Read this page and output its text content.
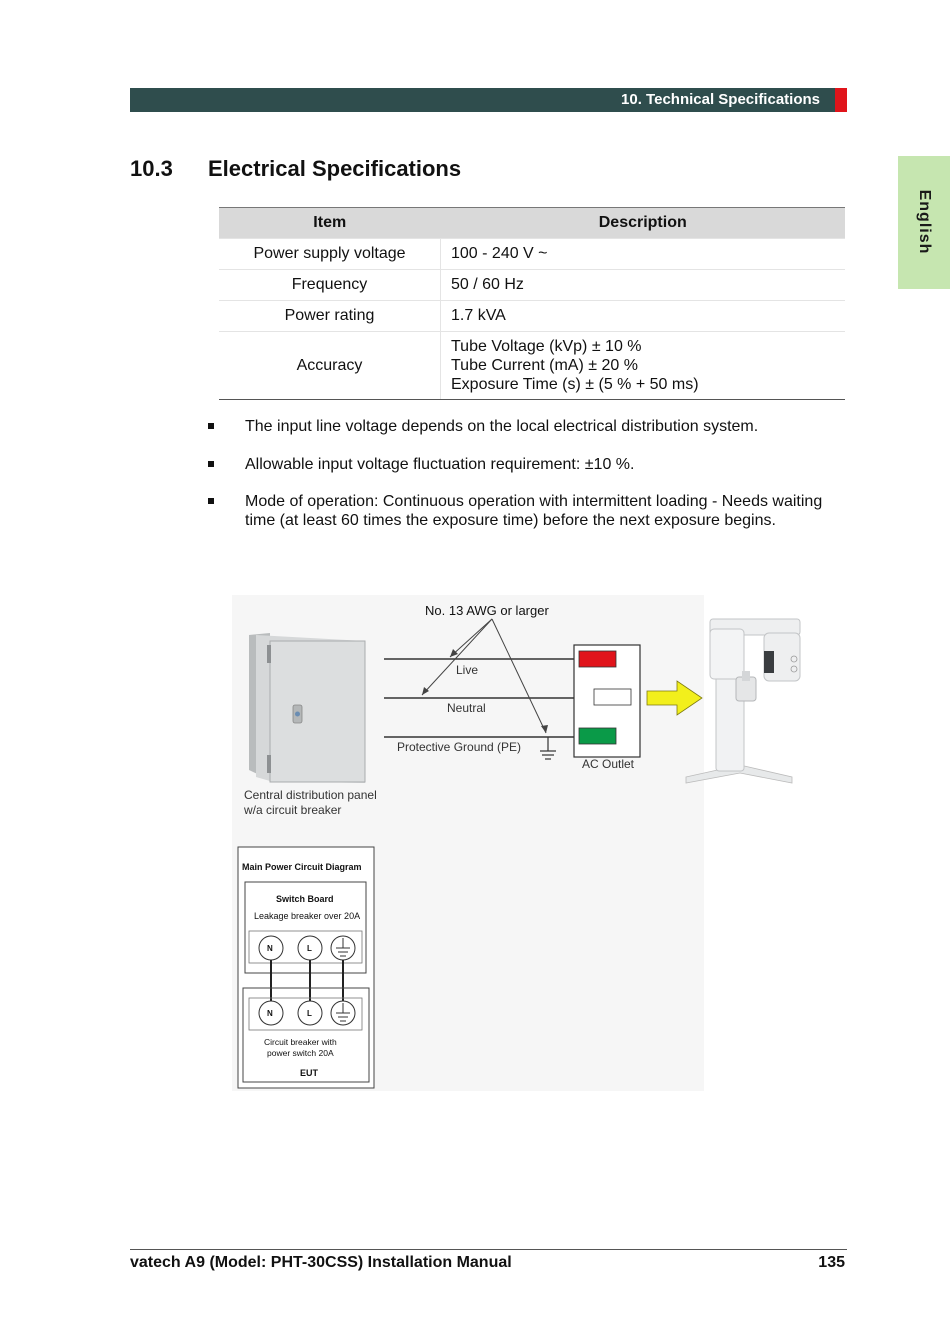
10. Technical Specifications
English
10.3 Electrical Specifications
Item	Description
Power supply voltage	100 - 240 V ~
Frequency	50 / 60 Hz
Power rating	1.7 kVA
Accuracy	Tube Voltage (kVp) ± 10 %
Tube Current (mA) ± 20 %
Exposure Time (s) ± (5 % + 50 ms)
The input line voltage depends on the local electrical distribution system.
Allowable input voltage fluctuation requirement: ±10 %.
Mode of operation: Continuous operation with intermittent loading - Needs waiting time (at least 60 times the exposure time) before the next exposure begins.
No. 13 AWG or larger
Live
Neutral
Protective Ground (PE)
AC Outlet
Central distribution panel
w/a circuit breaker
Main Power Circuit Diagram
Switch Board
Leakage breaker over 20A
N	L
N	L
Circuit breaker with
power switch 20A
EUT
vatech A9 (Model: PHT-30CSS) Installation Manual	135
